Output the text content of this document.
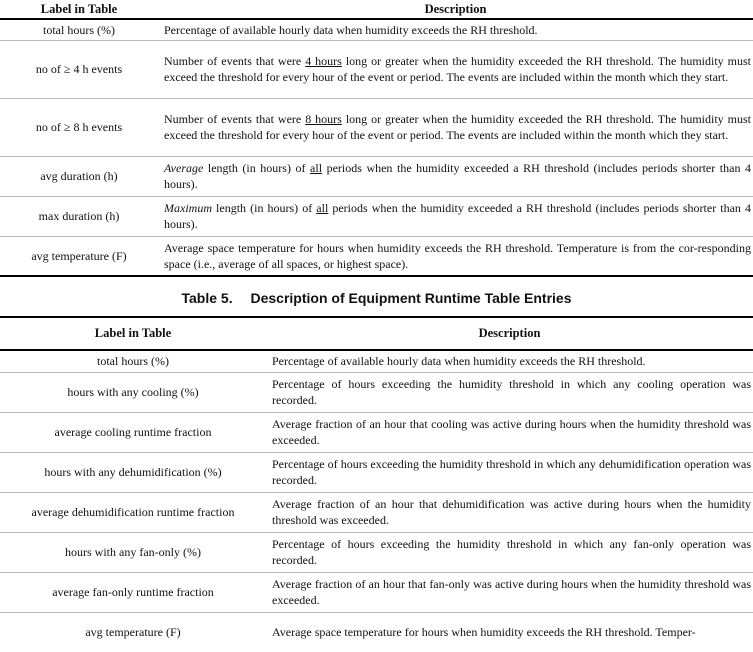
Label in Table	Description
total hours (%)	Percentage of available hourly data when humidity exceeds the RH threshold.
no of ≥ 4 h events	Number of events that were 4 hours long or greater when the humidity exceeded the RH threshold. The humidity must exceed the threshold for every hour of the event or period. The events are included within the month which they start.
no of ≥ 8 h events	Number of events that were 8 hours long or greater when the humidity exceeded the RH threshold. The humidity must exceed the threshold for every hour of the event or period. The events are included within the month which they start.
avg duration (h)	Average length (in hours) of all periods when the humidity exceeded a RH threshold (includes periods shorter than 4 hours).
max duration (h)	Maximum length (in hours) of all periods when the humidity exceeded a RH threshold (includes periods shorter than 4 hours).
avg temperature (F)	Average space temperature for hours when humidity exceeds the RH threshold. Temperature is from the cor-responding space (i.e., average of all spaces, or highest space).
Table 5. Description of Equipment Runtime Table Entries
Label in Table	Description
total hours (%)	Percentage of available hourly data when humidity exceeds the RH threshold.
hours with any cooling (%)	Percentage of hours exceeding the humidity threshold in which any cooling operation was recorded.
average cooling runtime fraction	Average fraction of an hour that cooling was active during hours when the humidity threshold was exceeded.
hours with any dehumidification (%)	Percentage of hours exceeding the humidity threshold in which any dehumidification operation was recorded.
average dehumidification runtime fraction	Average fraction of an hour that dehumidification was active during hours when the humidity threshold was exceeded.
hours with any fan-only (%)	Percentage of hours exceeding the humidity threshold in which any fan-only operation was recorded.
average fan-only runtime fraction	Average fraction of an hour that fan-only was active during hours when the humidity threshold was exceeded.
avg temperature (F)	Average space temperature for hours when humidity exceeds the RH threshold. Temper-
